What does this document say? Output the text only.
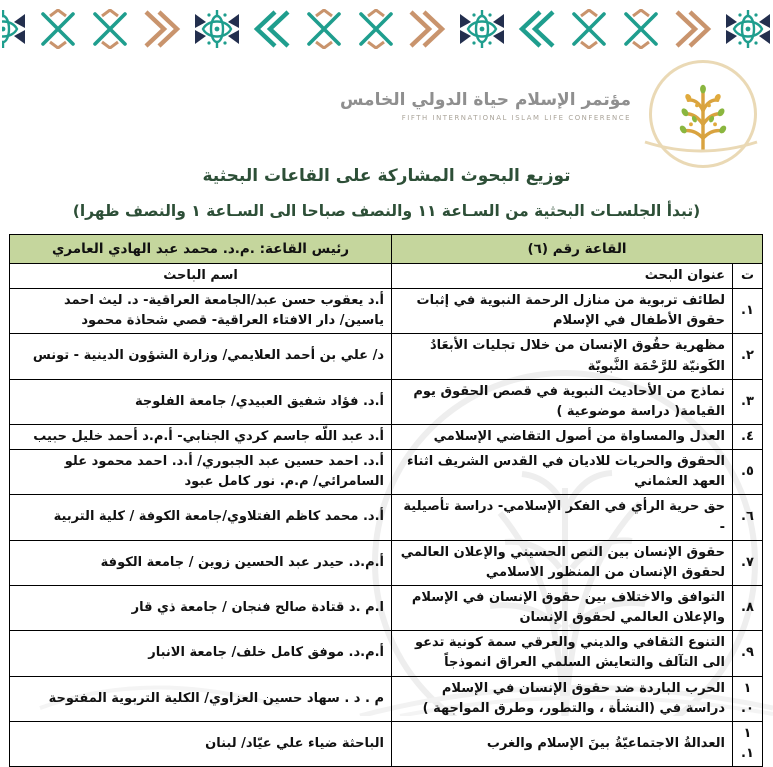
مؤتمر الإسلام حياة الدولي الخامس
FIFTH INTERNATIONAL ISLAM LIFE CONFERENCE
توزيع البحوث المشاركة على القاعات البحثية
(تبدأ الجلسـات البحثية من السـاعة ١١ والنصف صباحا الى السـاعة ١ والنصف ظهرا)
القاعة رقم (٦)		رئيس القاعة: .م.د. محمد عبد الهادي العامري
ت	عنوان البحث	اسم الباحث
١.	لطائف تربوية من منازل الرحمة النبوية في إثبات حقوق الأطفال في الإسلام	أ.د يعقوب حسن عبد/الجامعة العراقية- د. ليث احمد ياسين/ دار الافتاء العراقية- قصي شحاذة محمود
٢.	مظهرية حقُوق الإنسان من خلال تجليات الأبعَادُ الكَونيّة للرَّحْمَة النَّبويّة	د/ علي بن أحمد العلايمي/ وزارة الشؤون الدينية - تونس
٣.	نماذج من الأحاديث النبوية في قصص الحقوق يوم القيامة( دراسة موضوعية )	أ.د. فؤاد شفيق العبيدي/ جامعة الفلوجة
٤.	العدل والمساواة من أصول التقاضي الإسلامي	أ.د عبد اللّه جاسم كردي الجنابي- أ.م.د أحمد خليل حبيب
٥.	الحقوق والحريات للاديان في القدس الشريف اثناء العهد العثماني	أ.د. احمد حسين عبد الجبوري/ أ.د. احمد محمود علو السامرائي/ م.م. نور كامل عبود
٦.	حق حرية الرأي في الفكر الإسلامي- دراسة تأصيلية -	أ.د. محمد كاظم الفتلاوي/جامعة الكوفة / كلية التربية
٧.	حقوق الإنسان بين النص الحسيني والإعلان العالمي لحقوق الإنسان من المنظور الاسلامي	أ.م.د. حيدر عبد الحسين زوين / جامعة الكوفة
٨.	التوافق والاختلاف بين حقوق الإنسان في الإسلام والإعلان العالمي لحقوق الإنسان	ا.م .د قتادة صالح فنجان / جامعة ذي قار
٩.	التنوع الثقافي والديني والعرقي سمة كونية تدعو الى التآلف والتعايش السلمي العراق انموذجاً	أ.م.د. موفق كامل خلف/ جامعة الانبار
١٠.	الحرب الباردة ضد حقوق الإنسان في الإسلام دراسة في (النشأة ، والتطور، وطرق المواجهة )	م . د . سهاد حسين العزاوي/ الكلية التربوية المفتوحة
١١.	العدالةُ الاجتماعيّةُ بينَ الإسلام والغرب	الباحثة ضياء علي عيّاد/ لبنان
